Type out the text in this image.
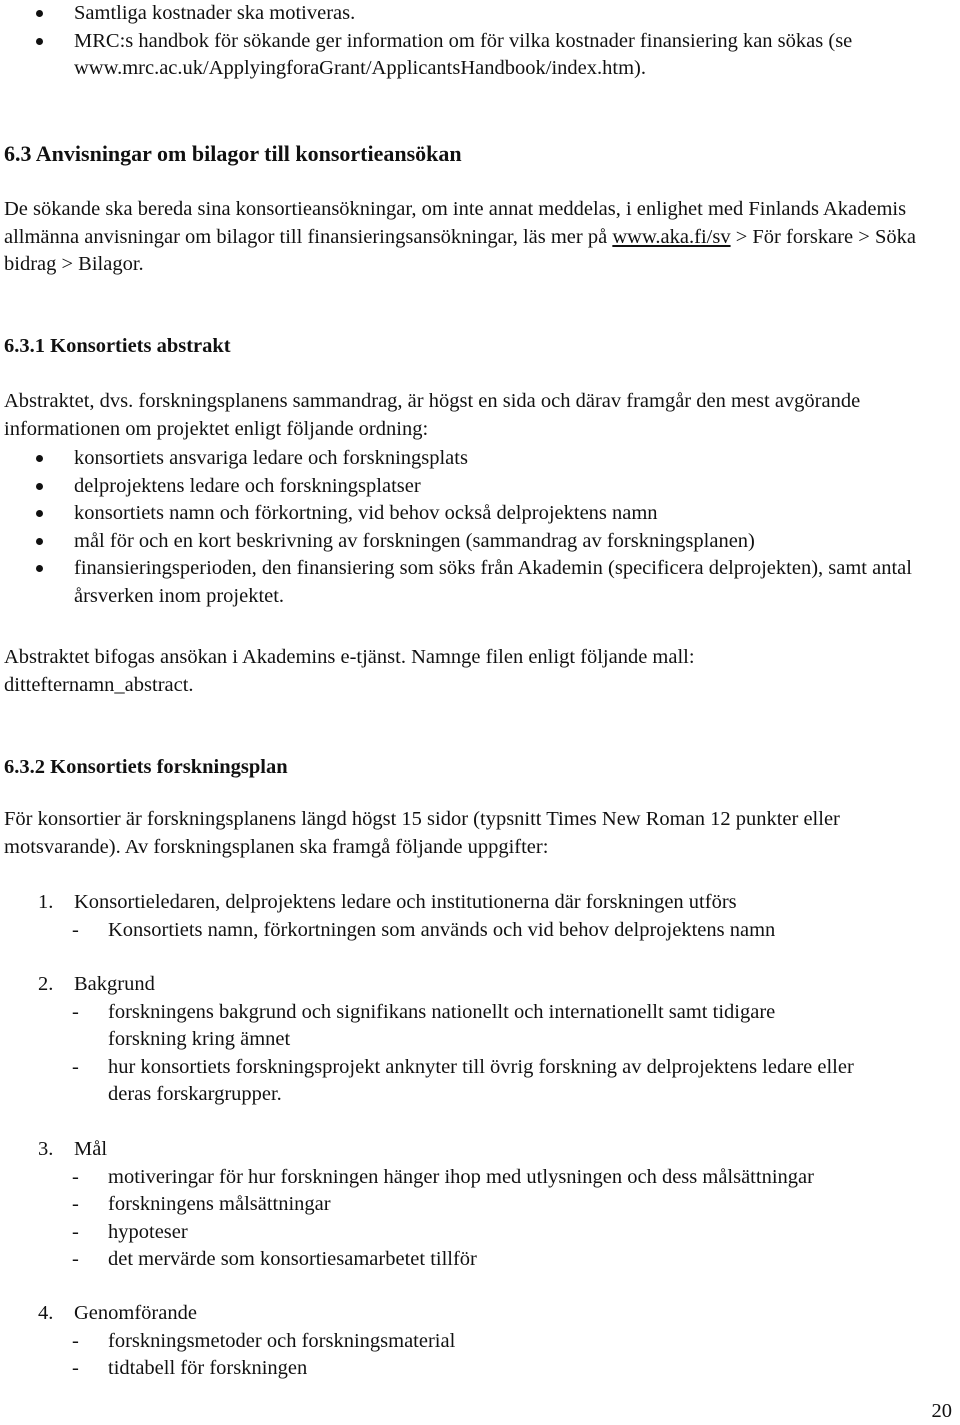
Samtliga kostnader ska motiveras.
MRC:s handbok för sökande ger information om för vilka kostnader finansiering kan sökas (se www.mrc.ac.uk/ApplyingforaGrant/ApplicantsHandbook/index.htm).
6.3 Anvisningar om bilagor till konsortieansökan

De sökande ska bereda sina konsortieansökningar, om inte annat meddelas, i enlighet med Finlands Akademis allmänna anvisningar om bilagor till finansieringsansökningar, läs mer på www.aka.fi/sv > För forskare > Söka bidrag > Bilagor.

6.3.1 Konsortiets abstrakt

Abstraktet, dvs. forskningsplanens sammandrag, är högst en sida och därav framgår den mest avgörande informationen om projektet enligt följande ordning:

konsortiets ansvariga ledare och forskningsplats
delprojektens ledare och forskningsplatser
konsortiets namn och förkortning, vid behov också delprojektens namn
mål för och en kort beskrivning av forskningen (sammandrag av forskningsplanen)
finansieringsperioden, den finansiering som söks från Akademin (specificera delprojekten), samt antal årsverken inom projektet.

Abstraktet bifogas ansökan i Akademins e-tjänst. Namnge filen enligt följande mall: dittefternamn_abstract.

6.3.2 Konsortiets forskningsplan

För konsortier är forskningsplanens längd högst 15 sidor (typsnitt Times New Roman 12 punkter eller motsvarande). Av forskningsplanen ska framgå följande uppgifter:

1.	Konsortieledaren, delprojektens ledare och institutionerna där forskningen utförs
- Konsortiets namn, förkortningen som används och vid behov delprojektens namn
2.	Bakgrund
- forskningens bakgrund och signifikans nationellt och internationellt samt tidigare forskning kring ämnet
- hur konsortiets forskningsprojekt anknyter till övrig forskning av delprojektens ledare eller deras forskargrupper.
3.	Mål
- motiveringar för hur forskningen hänger ihop med utlysningen och dess målsättningar
- forskningens målsättningar
- hypoteser
- det mervärde som konsortiesamarbetet tillför
4.	Genomförande
- forskningsmetoder och forskningsmaterial
- tidtabell för forskningen
20
